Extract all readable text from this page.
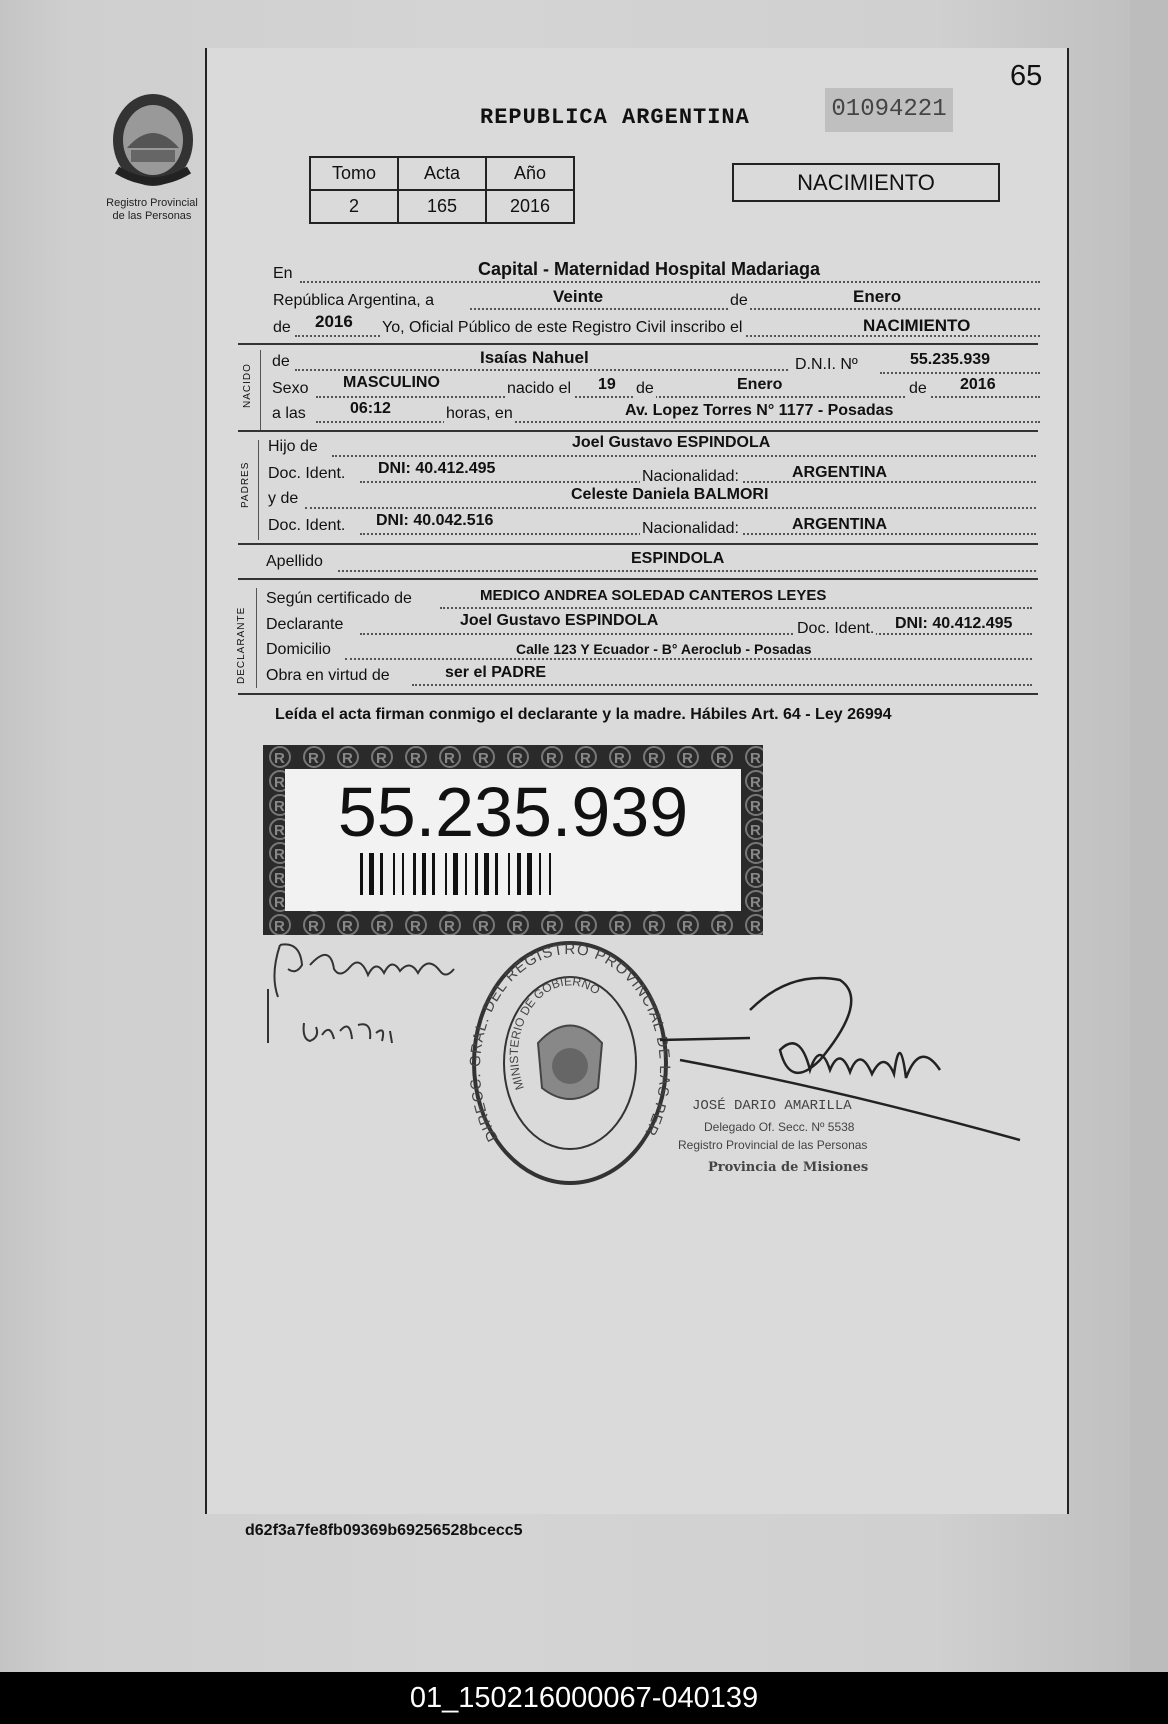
Registro Provincial
de las Personas
65
REPUBLICA ARGENTINA	01094221
Tomo	Acta	Año
2	165	2016
NACIMIENTO
En	Capital - Maternidad Hospital Madariaga
República Argentina, a	Veinte	de	Enero
de 2016 Yo, Oficial Público de este Registro Civil inscribo el	NACIMIENTO
NACIDO
de	Isaías Nahuel	D.N.I. Nº	55.235.939
Sexo MASCULINO	nacido el 19 de	Enero	de 2016
a las	06:12	horas, en	Av. Lopez Torres N° 1177 - Posadas
PADRES
Hijo de	Joel Gustavo ESPINDOLA
Doc. Ident. DNI: 40.412.495	Nacionalidad:	ARGENTINA
y de	Celeste Daniela BALMORI
Doc. Ident. DNI: 40.042.516	Nacionalidad:	ARGENTINA
Apellido	ESPINDOLA
DECLARANTE
Según certificado de	MEDICO ANDREA SOLEDAD CANTEROS LEYES
Declarante	Joel Gustavo ESPINDOLA	Doc. Ident. DNI: 40.412.495
Domicilio	Calle 123 Y Ecuador - B° Aeroclub - Posadas
Obra en virtud de	ser el PADRE
Leída el acta firman conmigo el declarante y la madre. Hábiles Art. 64 - Ley 26994
55.235.939
DIRECC. GRAL. DEL REGISTRO PROVINCIAL DE LAS PER
MINISTERIO DE GOBIERNO
JOSÉ DARIO AMARILLA
Delegado Of. Secc. Nº 5538
Registro Provincial de las Personas
Provincia de Misiones
d62f3a7fe8fb09369b69256528bcecc5
01_150216000067-040139
